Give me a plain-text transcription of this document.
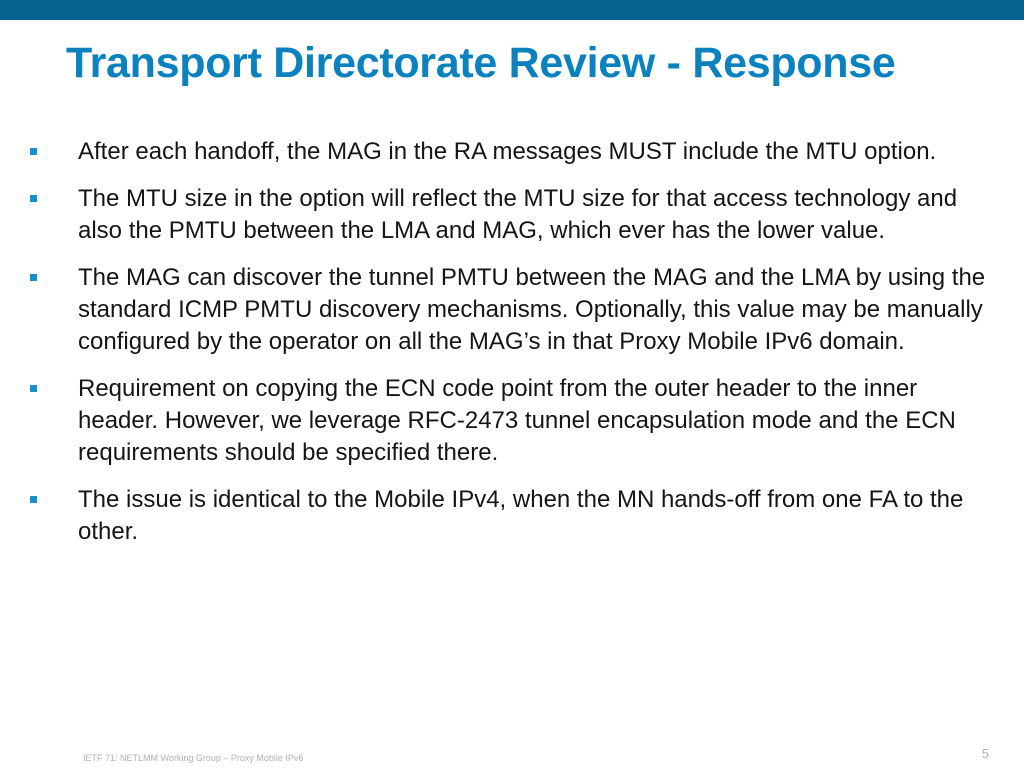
Transport Directorate Review - Response
After each handoff, the MAG in the RA messages MUST include the MTU option.
The MTU size in the option will reflect the MTU size for that access technology and also the PMTU between the LMA and MAG, which ever has the lower value.
The MAG can discover the tunnel PMTU between the MAG and the LMA by using the standard ICMP PMTU discovery mechanisms. Optionally, this value may be manually configured by the operator on all the MAG’s in that Proxy Mobile IPv6 domain.
Requirement on copying the ECN code point from the outer header to the inner header. However, we leverage RFC-2473 tunnel encapsulation mode and the ECN requirements should be specified there.
The issue is identical to the Mobile IPv4, when the MN hands-off from one FA to the other.
IETF 71: NETLMM Working Group – Proxy Mobile IPv6	5
